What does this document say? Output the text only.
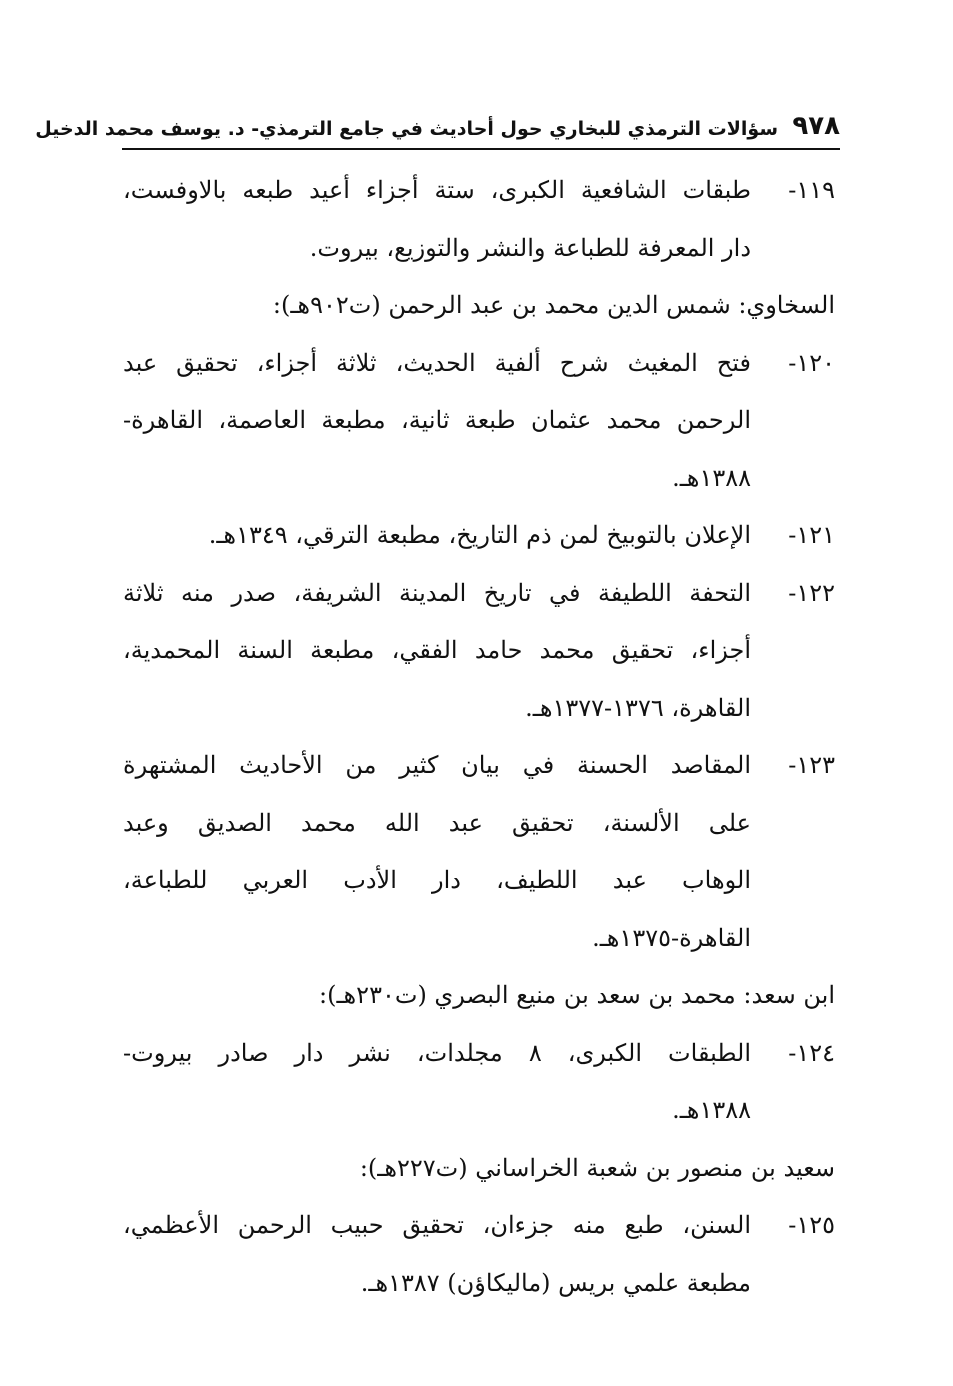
٩٧٨
سؤالات الترمذي للبخاري حول أحاديث في جامع الترمذي- د. يوسف محمد الدخيل
١١٩-
طبقات الشافعية الكبرى، ستة أجزاء أعيد طبعه بالاوفست،
دار المعرفة للطباعة والنشر والتوزيع، بيروت.
السخاوي: شمس الدين محمد بن عبد الرحمن (ت٩٠٢هـ):
١٢٠-
فتح المغيث شرح ألفية الحديث، ثلاثة أجزاء، تحقيق عبد
الرحمن محمد عثمان طبعة ثانية، مطبعة العاصمة، القاهرة-
١٣٨٨هـ.
١٢١-
الإعلان بالتوبيخ لمن ذم التاريخ، مطبعة الترقي، ١٣٤٩هـ.
١٢٢-
التحفة اللطيفة في تاريخ المدينة الشريفة، صدر منه ثلاثة
أجزاء، تحقيق محمد حامد الفقي، مطبعة السنة المحمدية،
القاهرة، ١٣٧٦-١٣٧٧هـ.
١٢٣-
المقاصد الحسنة في بيان كثير من الأحاديث المشتهرة
على الألسنة، تحقيق عبد الله محمد الصديق وعبد
الوهاب عبد اللطيف، دار الأدب العربي للطباعة،
القاهرة-١٣٧٥هـ.
ابن سعد: محمد بن سعد بن منيع البصري (ت٢٣٠هـ):
١٢٤-
الطبقات الكبرى، ٨ مجلدات، نشر دار صادر بيروت-
١٣٨٨هـ.
سعيد بن منصور بن شعبة الخراساني (ت٢٢٧هـ):
١٢٥-
السنن، طبع منه جزءان، تحقيق حبيب الرحمن الأعظمي،
مطبعة علمي بريس (ماليكاؤن) ١٣٨٧هـ.
